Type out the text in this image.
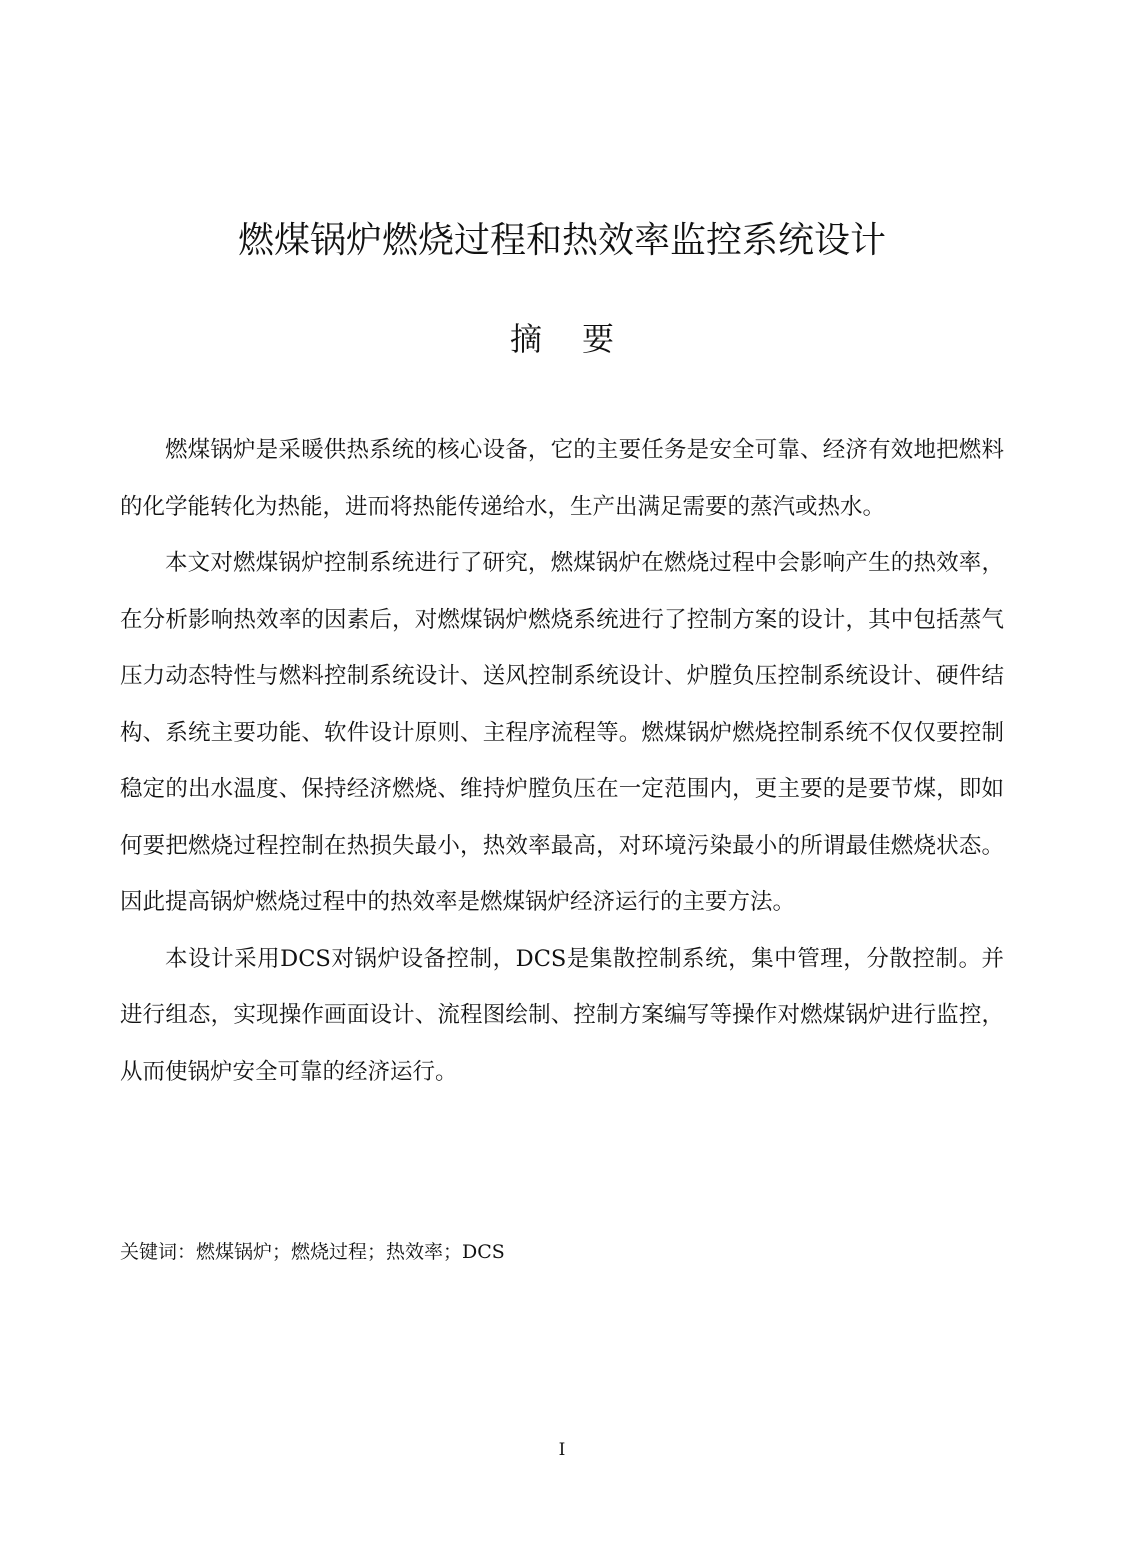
燃煤锅炉燃烧过程和热效率监控系统设计
摘 要

燃煤锅炉是采暖供热系统的核心设备，它的主要任务是安全可靠、经济有效地把燃料的化学能转化为热能，进而将热能传递给水，生产出满足需要的蒸汽或热水。

本文对燃煤锅炉控制系统进行了研究，燃煤锅炉在燃烧过程中会影响产生的热效率，在分析影响热效率的因素后，对燃煤锅炉燃烧系统进行了控制方案的设计，其中包括蒸气压力动态特性与燃料控制系统设计、送风控制系统设计、炉膛负压控制系统设计、硬件结构、系统主要功能、软件设计原则、主程序流程等。燃煤锅炉燃烧控制系统不仅仅要控制稳定的出水温度、保持经济燃烧、维持炉膛负压在一定范围内，更主要的是要节煤，即如何要把燃烧过程控制在热损失最小，热效率最高，对环境污染最小的所谓最佳燃烧状态。因此提高锅炉燃烧过程中的热效率是燃煤锅炉经济运行的主要方法。

本设计采用DCS对锅炉设备控制，DCS是集散控制系统，集中管理，分散控制。并进行组态，实现操作画面设计、流程图绘制、控制方案编写等操作对燃煤锅炉进行监控，从而使锅炉安全可靠的经济运行。

关键词：燃煤锅炉；燃烧过程；热效率；DCS

I
